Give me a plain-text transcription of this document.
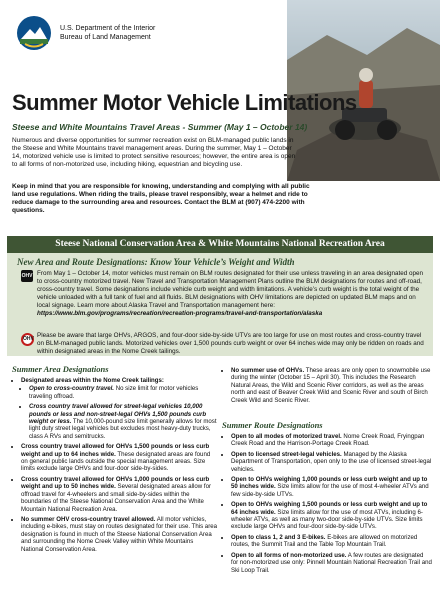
U.S. Department of the Interior
Bureau of Land Management
Summer Motor Vehicle Limitations
Steese and White Mountains Travel Areas - Summer (May 1 – October 14)

Numerous and diverse opportunities for summer recreation exist on BLM-managed public lands in the Steese and White Mountains travel management areas. During the summer, May 1 – October 14, motorized vehicle use is limited to protect sensitive resources; however, the entire area is open to all forms of non-motorized use, including hiking, equestrian and bicycling use.

Keep in mind that you are responsible for knowing, understanding and complying with all public land use regulations. When riding the trails, please travel responsibly, wear a helmet and ride to reduce damage to the surrounding area and resources. Contact the BLM at (907) 474-2200 with questions.

Steese National Conservation Area & White Mountains National Recreation Area
New Area and Route Designations: Know Your Vehicle’s Weight and Width
OHV From May 1 – October 14, motor vehicles must remain on BLM routes designated for their use unless traveling in an area designated open to cross-country motorized travel. New Travel and Transportation Management Plans outline the BLM designations for routes and off-road, cross-country travel. Some designations include vehicle curb weight and width limitations. A vehicle’s curb weight is the total weight of the vehicle unloaded with a full tank of fuel and all fluids. BLM designations with OHV limitations are depicted on updated BLM maps and on local signage. Learn more about Alaska Travel and Transportation management here: https://www.blm.gov/programs/recreation/recreation-programs/travel-and-transportation/alaska
OHV Please be aware that large OHVs, ARGOS, and four-door side-by-side UTVs are too large for use on most routes and cross-country travel on BLM-managed public lands. Motorized vehicles over 1,500 pounds curb weight or over 64 inches wide may only be ridden on roads and within designated areas in the Nome Creek tailings.
Summer Area Designations
• Designated areas within the Nome Creek tailings:
• Open to cross-country travel. No size limit for motor vehicles traveling offroad.
• Cross country travel allowed for street-legal vehicles 10,000 pounds or less and non-street-legal OHVs 1,500 pounds curb weight or less. The 10,000-pound size limit generally allows for most light duty street legal vehicles but excludes most heavy-duty trucks, class A RVs and semitrucks.
• Cross country travel allowed for OHVs 1,500 pounds or less curb weight and up to 64 inches wide. These designated areas are found on general public lands outside the special management areas. Size limits exclude large OHVs and four-door side-by-sides.
• Cross country travel allowed for OHVs 1,000 pounds or less curb weight and up to 50 inches wide. Several designated areas allow for offroad travel for 4-wheelers and small side-by-sides within the boundaries of the Steese National Conservation Area and the White Mountain National Recreation Area.
• No summer OHV cross-country travel allowed. All motor vehicles, including e-bikes, must stay on routes designated for their use. This area designation is found in much of the Steese National Conservation Area and surrounding the Nome Creek Valley within White Mountains National Conservation Area.
• No summer use of OHVs. These areas are only open to snowmobile use during the winter (October 15 – April 30). This includes the Research Natural Areas, the Wild and Scenic River corridors, as well as the areas north and east of Beaver Creek Wild and Scenic River and south of Birch Creek Wild and Scenic River.
Summer Route Designations
• Open to all modes of motorized travel. Nome Creek Road, Fryingpan Creek Road and the Harrison-Portage Creek Road.
• Open to licensed street-legal vehicles. Managed by the Alaska Department of Transportation, open only to the use of licensed street-legal vehicles.
• Open to OHVs weighing 1,000 pounds or less curb weight and up to 50 inches wide. Size limits allow for the use of most 4-wheeler ATVs and few side-by-side UTVs.
• Open to OHVs weighing 1,500 pounds or less curb weight and up to 64 inches wide. Size limits allow for the use of most ATVs, including 6-wheeler ATVs, as well as many two-door side-by-side UTVs. Size limits exclude large OHVs and four-door side-by-side UTVs.
• Open to class 1, 2 and 3 E-bikes. E-bikes are allowed on motorized routes, the Summit Trail and the Table Top Mountain Trail.
• Open to all forms of non-motorized use. A few routes are designated for non-motorized use only: Pinnell Mountain National Recreation Trail and Ski Loop Trail.
